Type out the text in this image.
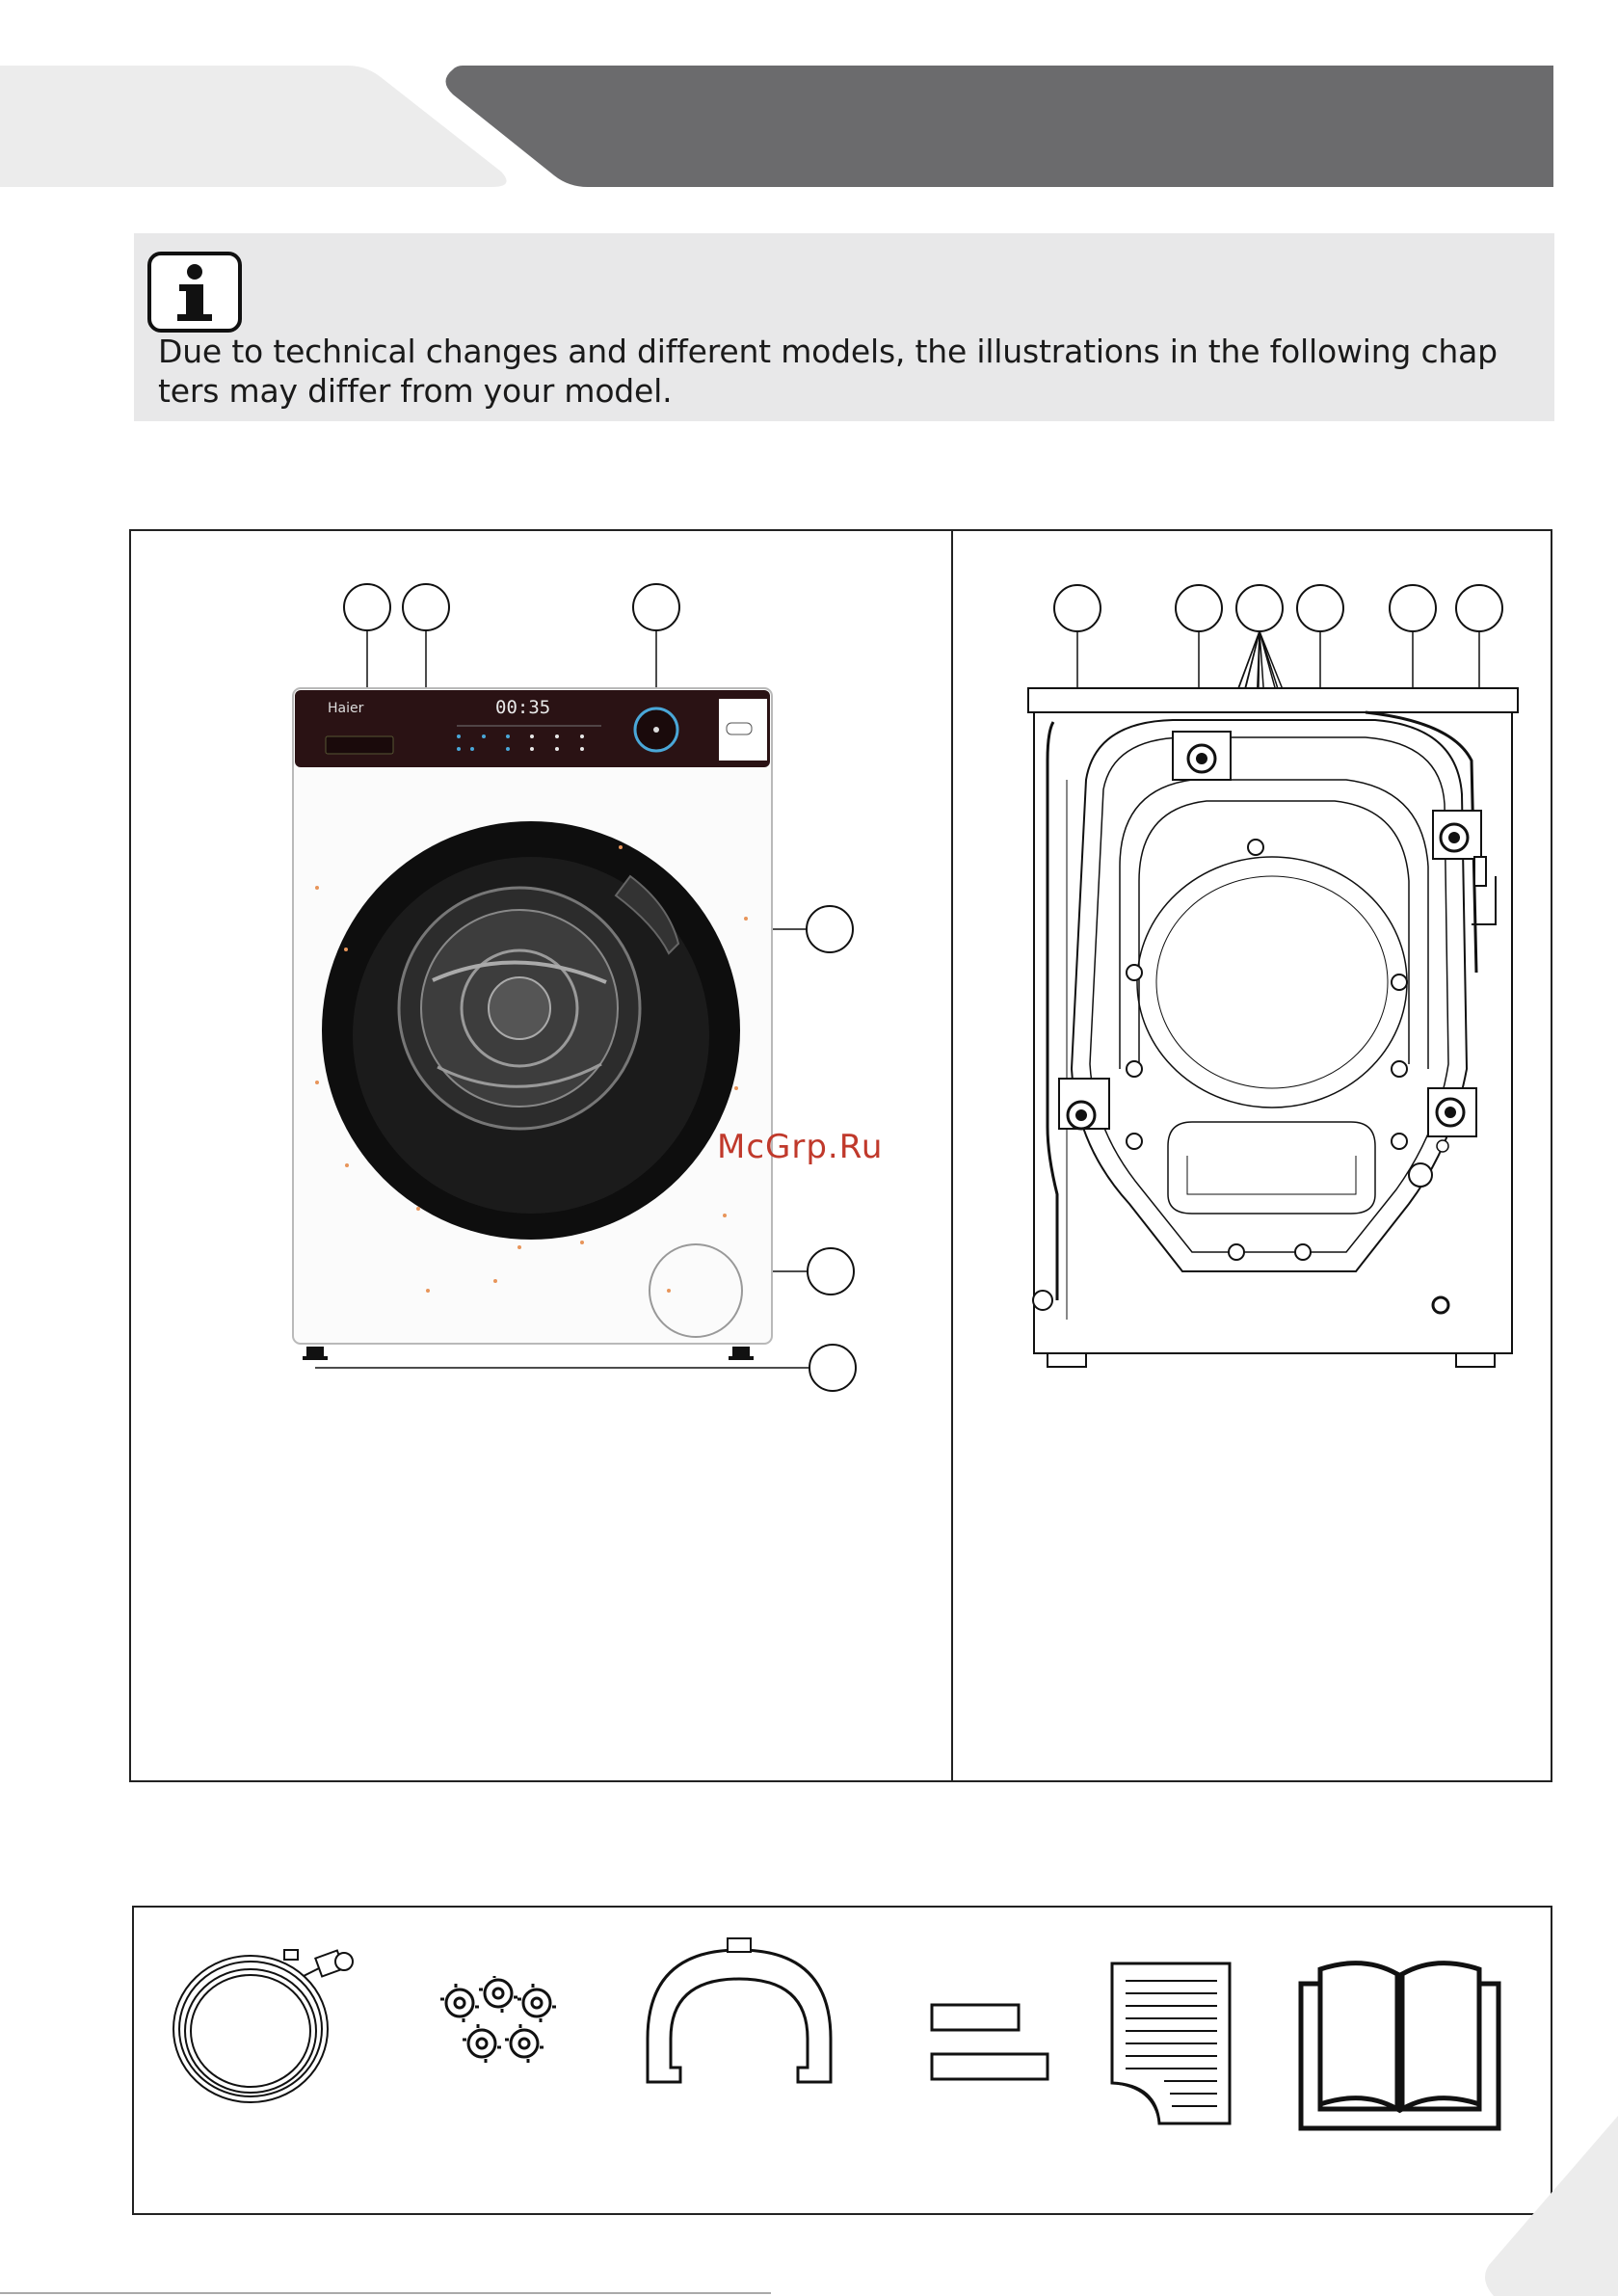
Due to technical changes and different models, the illustrations in the following chap
ters may differ from your model.
Haier	00:35
McGrp.Ru
